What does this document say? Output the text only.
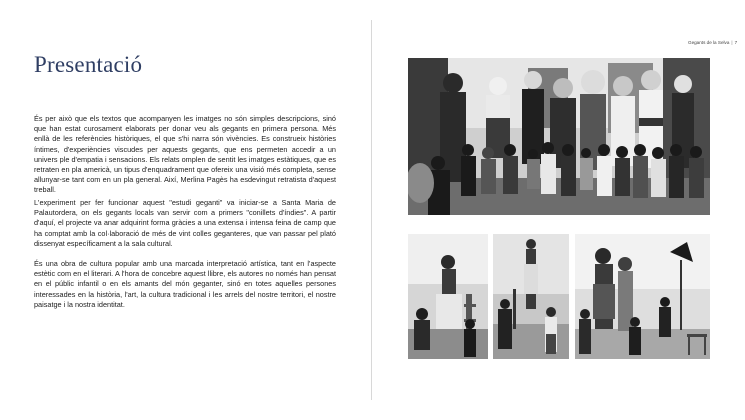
Presentació

És per això que els textos que acompanyen les imatges no són simples descripcions, sinó que han estat curosament elaborats per donar veu als gegants en primera persona. Més enllà de les referències històriques, el que s'hi narra són vivències. Es construeix històries íntimes, d'experiències viscudes per aquests gegants, que ens permeten accedir a un univers ple d'empatia i sensacions. Els relats omplen de sentit les imatges estàtiques, que es retraten en pla americà, un tipus d'enquadrament que ofereix una visió més completa, sense allunyar-se tant com en un pla general. Així, Merlina Pagès ha esdevingut retratista d'aquest treball.

L'experiment per fer funcionar aquest "estudi geganti" va iniciar-se a Santa Maria de Palautordera, on els gegants locals van servir com a primers "conillets d'índies". A partir d'aquí, el projecte va anar adquirint forma gràcies a una extensa i intensa feina de camp que ha comptat amb la col·laboració de més de vint colles geganteres, que van passar pel plató dissenyat específicament a la sala cultural.

És una obra de cultura popular amb una marcada interpretació artística, tant en l'aspecte estètic com en el literari. A l'hora de concebre aquest llibre, els autores no només han pensat en el públic infantil o en els amants del món geganter, sinó en totes aquelles persones interessades en la història, l'art, la cultura tradicional i les arrels del nostre territori, el nostre paisatge i la nostra identitat.

Gegants de la Selva | 7
